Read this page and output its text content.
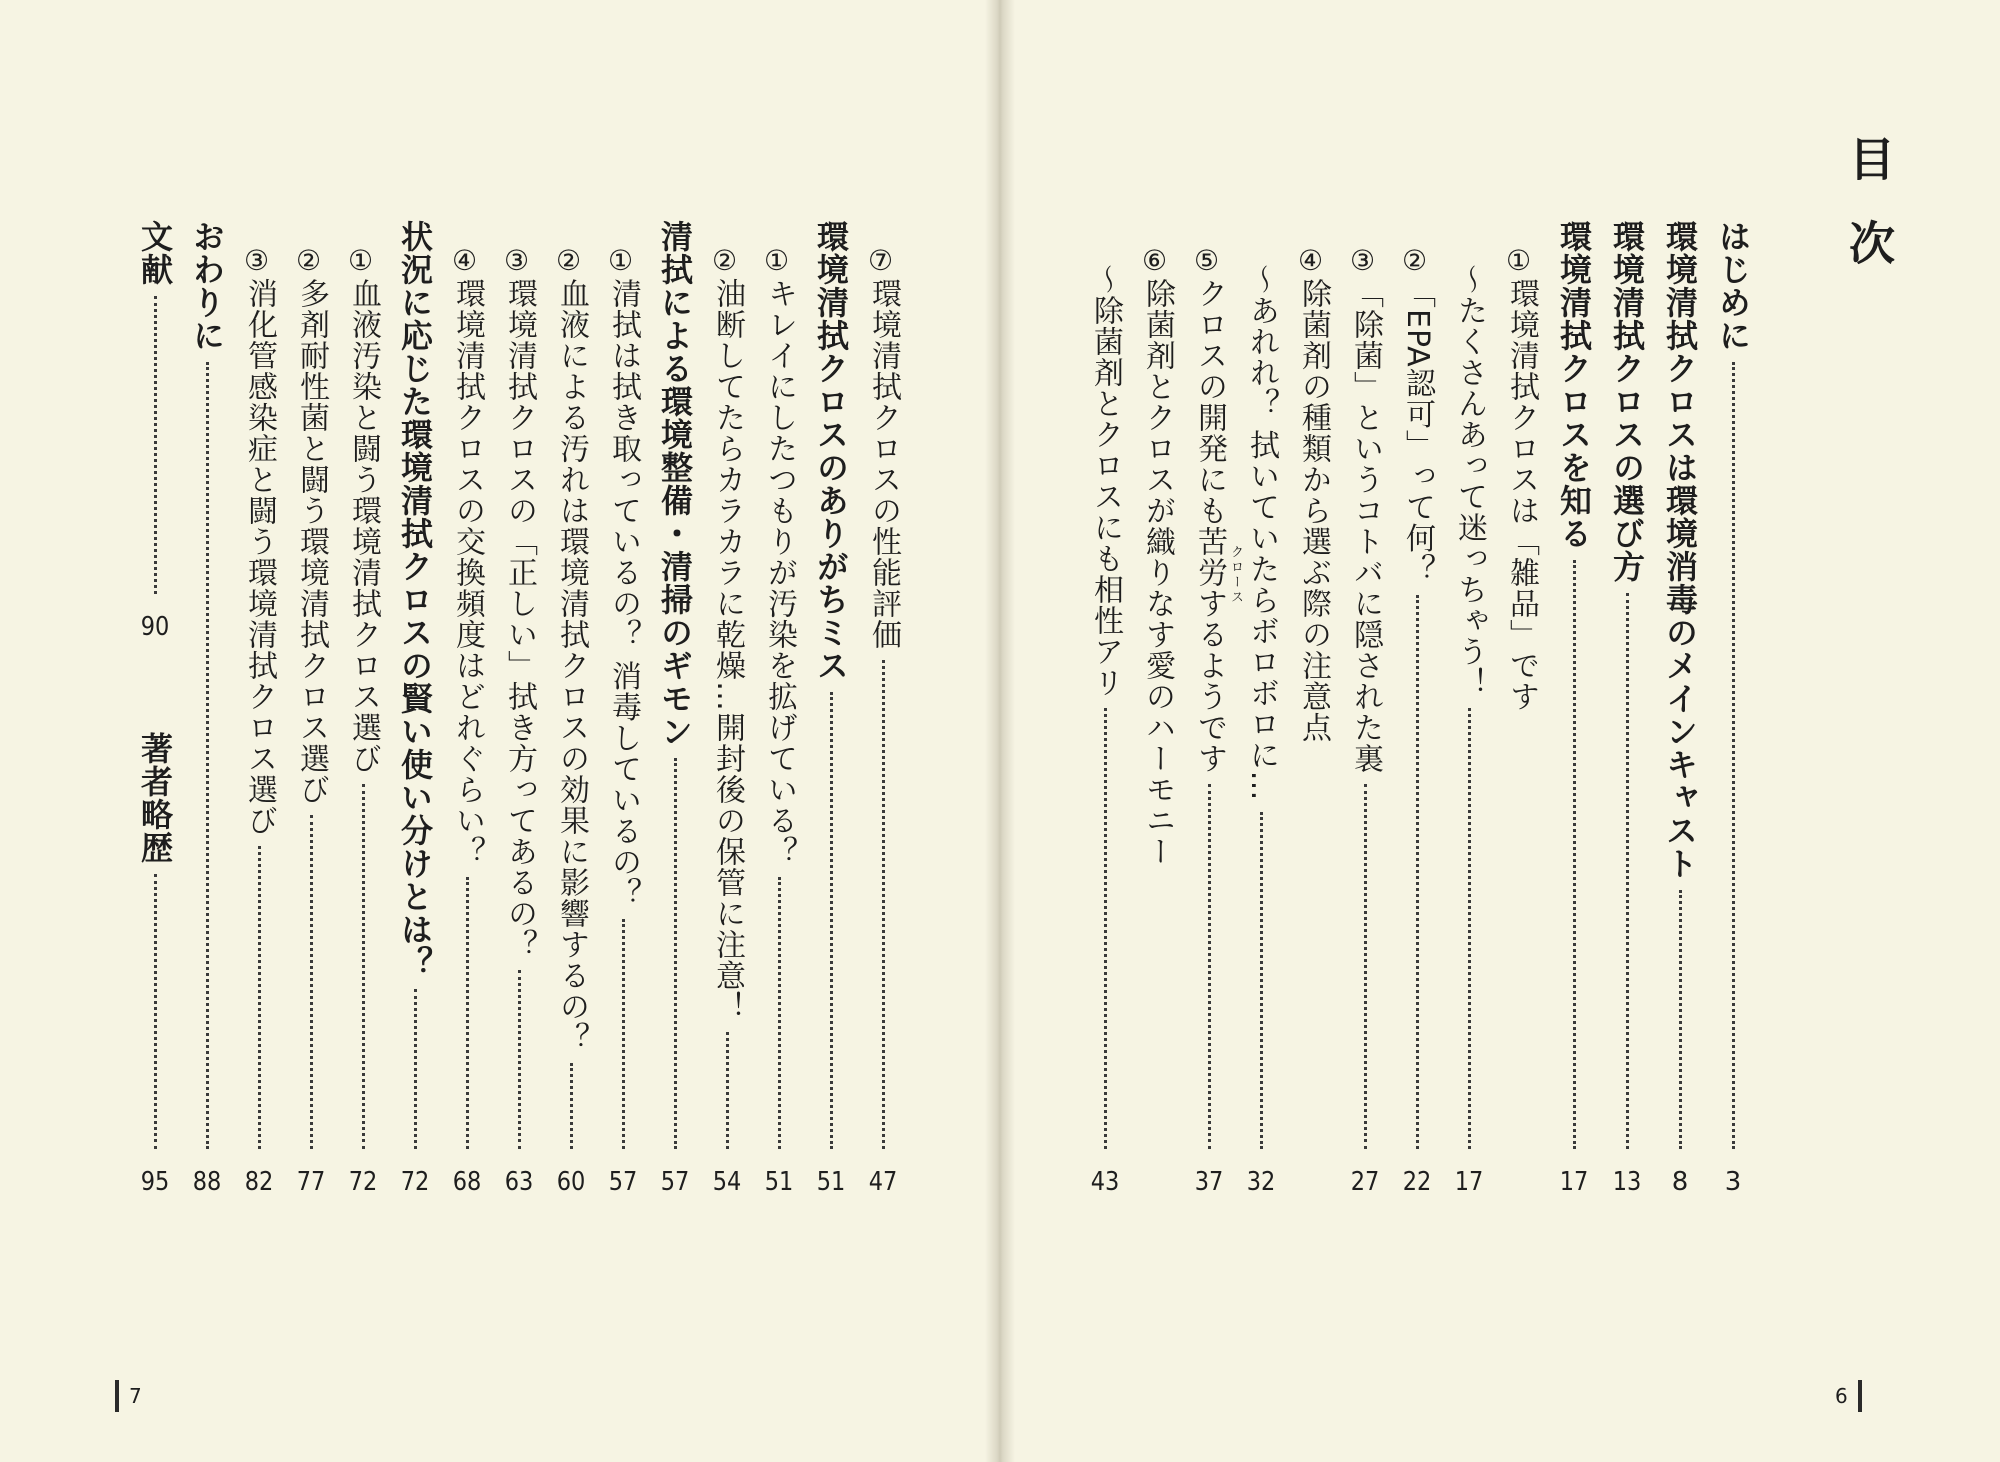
目次
はじめに
3
環境清拭クロスは環境消毒のメインキャスト
8
環境清拭クロスの選び方
13
環境清拭クロスを知る
17
①
環境清拭クロスは「雑品」です
〜たくさんあって迷っちゃう！
17
②
「EPA認可」って何？
22
③
「除菌」というコトバに隠された裏
27
④
除菌剤の種類から選ぶ際の注意点
〜あれれ？ 拭いていたらボロボロに…
32
クロース
⑤
クロスの開発にも苦労するようです
37
⑥
除菌剤とクロスが織りなす愛のハーモニー
〜除菌剤とクロスにも相性アリ
43
⑦
環境清拭クロスの性能評価
47
環境清拭クロスのありがちミス
51
①
キレイにしたつもりが汚染を拡げている？
51
②
油断してたらカラカラに乾燥…開封後の保管に注意！
54
清拭による環境整備・清掃のギモン
57
①
清拭は拭き取っているの？ 消毒しているの？
57
②
血液による汚れは環境清拭クロスの効果に影響するの？
60
③
環境清拭クロスの「正しい」拭き方ってあるの？
63
④
環境清拭クロスの交換頻度はどれぐらい？
68
状況に応じた環境清拭クロスの賢い使い分けとは？
72
①
血液汚染と闘う環境清拭クロス選び
72
②
多剤耐性菌と闘う環境清拭クロス選び
77
③
消化管感染症と闘う環境清拭クロス選び
82
おわりに
88
文献
90
著者略歴
95
7	6
